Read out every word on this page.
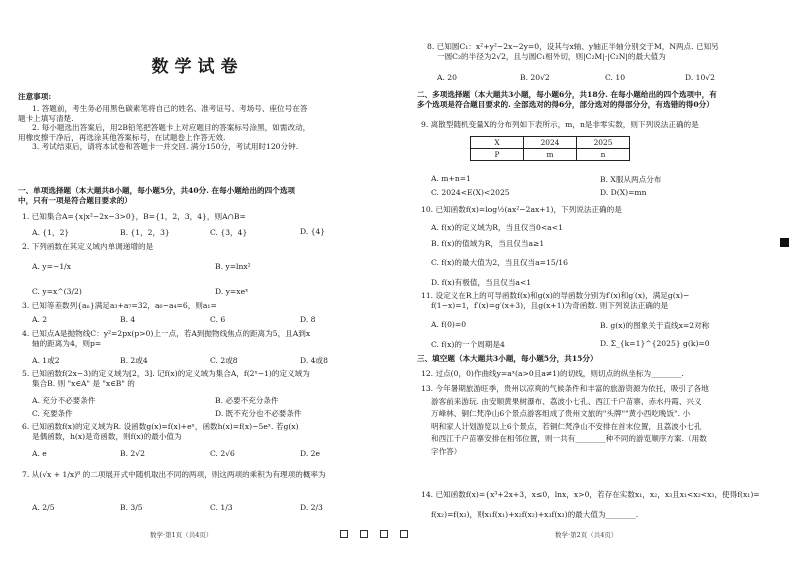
数学试卷
注意事项:
1. 答题前，考生务必用黑色碳素笔将自己的姓名、准考证号、考场号、座位号在答
题卡上填写清楚.
2. 每小题选出答案后，用2B铅笔把答题卡上对应题目的答案标号涂黑，如需改动，
用橡皮擦干净后，再选涂其他答案标号，在试题卷上作答无效.
3. 考试结束后，请将本试卷和答题卡一并交回. 满分150分，考试用时120分钟.
一、单项选择题（本大题共8小题，每小题5分，共40分. 在每小题给出的四个选项
中，只有一项是符合题目要求的）
1. 已知集合A={x|x²−2x−3>0}，B={1，2，3，4}，则A∩B=
A. {1，2}	B. {1，2，3}	C. {3，4}	D. {4}
2. 下列函数在其定义域内单调递增的是
A. y=−1/x	B. y=lnx²
C. y=x^(3/2)	D. y=xeˣ
3. 已知等差数列{aₙ}满足a₃+a₇=32，a₆−a₄=6，则a₁=
A. 2	B. 4	C. 6	D. 8
4. 已知点A是抛物线C：y²=2px(p>0)上一点，若A到抛物线焦点的距离为5，且A到x
轴的距离为4，则p=
A. 1或2	B. 2或4	C. 2或8	D. 4或8
5. 已知函数f(2x−3)的定义域为[2，3]. 记f(x)的定义域为集合A，f(2ˣ−1)的定义域为
集合B. 则 "x∈A" 是 "x∈B" 的
A. 充分不必要条件	B. 必要不充分条件
C. 充要条件	D. 既不充分也不必要条件
6. 已知函数f(x)的定义域为R. 设函数g(x)=f(x)+eˣ，函数h(x)=f(x)−5eˣ. 若g(x)
是偶函数，h(x)是奇函数，则f(x)的最小值为
A. e	B. 2√2	C. 2√6	D. 2e
7. 从(√x + 1/x)⁸ 的二项展开式中随机取出不同的两项，则这两项的乘积为有理项的概率为
A. 2/5	B. 3/5	C. 1/3	D. 2/3
数学·第1页（共4页）
8. 已知圆C₁：x²+y²−2x−2y=0，设其与x轴、y轴正半轴分别交于M，N两点. 已知另
一圆C₂的半径为2√2，且与圆C₁相外切，则|C₂M|·|C₂N|的最大值为
A. 20	B. 20√2	C. 10	D. 10√2
二、多项选择题（本大题共3小题，每小题6分，共18分. 在每小题给出的四个选项中，有
多个选项是符合题目要求的. 全部选对的得6分，部分选对的得部分分，有选错的得0分）
9. 离散型随机变量X的分布列如下表所示，m，n是非零实数，则下列说法正确的是
A. m+n=1	B. X服从两点分布
C. 2024<E(X)<2025	D. D(X)=mn
10. 已知函数f(x)=log½(ax²−2ax+1)，下列说法正确的是
A. f(x)的定义域为R，当且仅当0<a<1
B. f(x)的值域为R，当且仅当a≥1
C. f(x)的最大值为2，当且仅当a=15/16
D. f(x)有极值，当且仅当a<1
11. 设定义在R上的可导函数f(x)和g(x)的导函数分别为f′(x)和g′(x)，满足g(x)−
f(1−x)=1，f′(x)=g′(x+3)，且g(x+1)为奇函数. 则下列说法正确的是
A. f(0)=0	B. g(x)的图象关于直线x=2对称
C. f(x)的一个周期是4	D. Σ_{k=1}^{2025} g(k)=0
三、填空题（本大题共3小题，每小题5分，共15分）
12. 过点(0，0)作曲线y=aˣ(a>0且a≠1)的切线，则切点的纵坐标为________.
13. 今年暑期旅游旺季，贵州以凉爽的气候条件和丰富的旅游资源为依托，吸引了各地
游客前来游玩. 由安顺黄果树瀑布、荔波小七孔、西江千户苗寨、赤水丹霞、兴义
万峰林、铜仁梵净山6个景点游客组成了贵州文旅的"头牌""黄小西吃晚饭". 小
明和家人计划游览以上6个景点，若铜仁梵净山不安排在首末位置，且荔波小七孔
和西江千户苗寨安排在相邻位置，则一共有________种不同的游览顺序方案.（用数
字作答）
14. 已知函数f(x)={x³+2x+3，x≤0，lnx，x>0，若存在实数x₁，x₂，x₃且x₁<x₂<x₃，使得f(x₁)=
f(x₂)=f(x₃)，则x₁f(x₁)+x₂f(x₂)+x₃f(x₃)的最大值为________.
数学·第2页（共4页）
X	2024	2025
P	m	n
